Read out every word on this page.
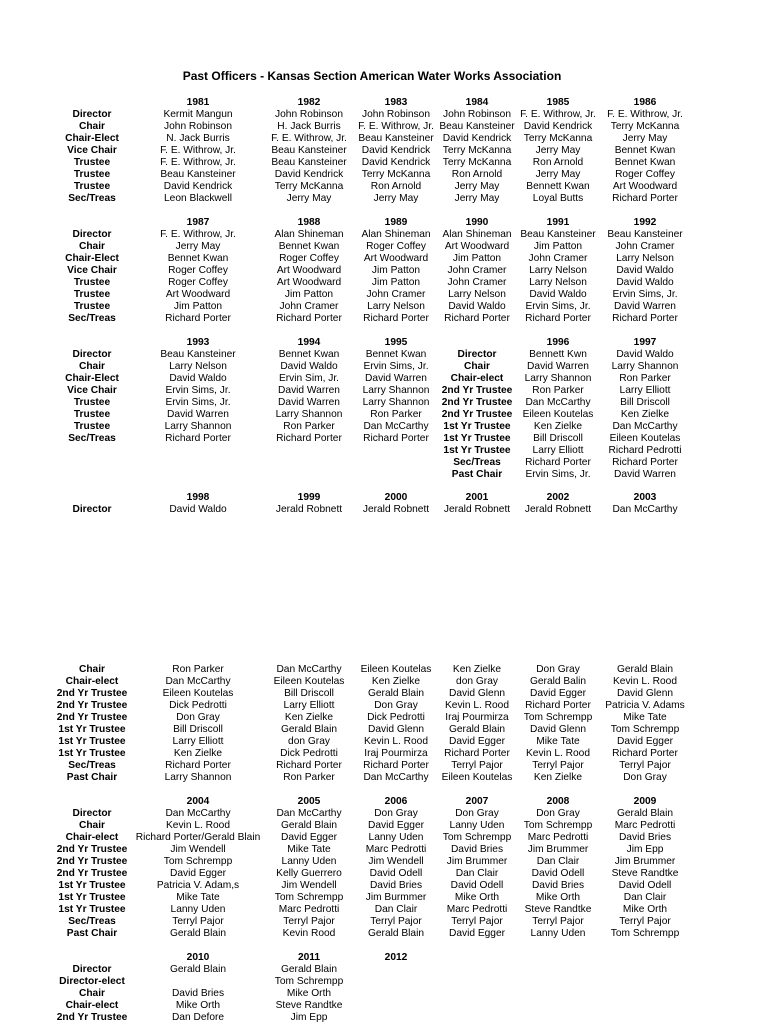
Past Officers - Kansas Section American Water Works Association
Director
Chair
Chair-Elect
Vice Chair
Trustee
Trustee
Trustee
Sec/Treas
1981
Kermit Mangun
John Robinson
N. Jack Burris
F. E. Withrow, Jr.
F. E. Withrow, Jr.
Beau Kansteiner
David Kendrick
Leon Blackwell
1982
John Robinson
H. Jack Burris
F. E. Withrow, Jr.
Beau Kansteiner
Beau Kansteiner
David Kendrick
Terry McKanna
Jerry May
1983
John Robinson
F. E. Withrow, Jr.
Beau Kansteiner
David Kendrick
David Kendrick
Terry McKanna
Ron Arnold
Jerry May
1984
John Robinson
Beau Kansteiner
David Kendrick
Terry McKanna
Terry McKanna
Ron Arnold
Jerry May
Jerry May
1985
F. E. Withrow, Jr.
David Kendrick
Terry McKanna
Jerry May
Ron Arnold
Jerry May
Bennett Kwan
Loyal Butts
1986
F. E. Withrow, Jr.
Terry McKanna
Jerry May
Bennet Kwan
Bennet Kwan
Roger Coffey
Art Woodward
Richard Porter
Director
Chair
Chair-Elect
Vice Chair
Trustee
Trustee
Trustee
Sec/Treas
1987
F. E. Withrow, Jr.
Jerry May
Bennet Kwan
Roger Coffey
Roger Coffey
Art Woodward
Jim Patton
Richard Porter
1988
Alan Shineman
Bennet Kwan
Roger Coffey
Art Woodward
Art Woodward
Jim Patton
John Cramer
Richard Porter
1989
Alan Shineman
Roger Coffey
Art Woodward
Jim Patton
Jim Patton
John Cramer
Larry Nelson
Richard Porter
1990
Alan Shineman
Art Woodward
Jim Patton
John Cramer
John Cramer
Larry Nelson
David Waldo
Richard Porter
1991
Beau Kansteiner
Jim Patton
John Cramer
Larry Nelson
Larry Nelson
David Waldo
Ervin Sims, Jr.
Richard Porter
1992
Beau Kansteiner
John Cramer
Larry Nelson
David Waldo
David Waldo
Ervin Sims, Jr.
David Warren
Richard Porter
Director
Chair
Chair-Elect
Vice Chair
Trustee
Trustee
Trustee
Sec/Treas
1993
Beau Kansteiner
Larry Nelson
David Waldo
Ervin Sims, Jr.
Ervin Sims, Jr.
David Warren
Larry Shannon
Richard Porter
1994
Bennet Kwan
David Waldo
Ervin Sim, Jr.
David Warren
David Warren
Larry Shannon
Ron Parker
Richard Porter
1995
Bennet Kwan
Ervin Sims, Jr.
David Warren
Larry Shannon
Larry Shannon
Ron Parker
Dan McCarthy
Richard Porter
Director
Chair
Chair-elect
2nd Yr Trustee
2nd Yr Trustee
2nd Yr Trustee
1st Yr Trustee
1st Yr Trustee
1st Yr Trustee
Sec/Treas
Past Chair
1996
Bennett Kwn
David Warren
Larry Shannon
Ron Parker
Dan McCarthy
Eileen Koutelas
Ken Zielke
Bill Driscoll
Larry Elliott
Richard Porter
Ervin Sims, Jr.
1997
David Waldo
Larry Shannon
Ron Parker
Larry Elliott
Bill Driscoll
Ken Zielke
Dan McCarthy
Eileen Koutelas
Richard Pedrotti
Richard Porter
David Warren
Director
1998
David Waldo
1999
Jerald Robnett
2000
Jerald Robnett
2001
Jerald Robnett
2002
Jerald Robnett
2003
Dan McCarthy
Chair
Chair-elect
2nd Yr Trustee
2nd Yr Trustee
2nd Yr Trustee
1st Yr Trustee
1st Yr Trustee
1st Yr Trustee
Sec/Treas
Past Chair
Ron Parker
Dan McCarthy
Eileen Koutelas
Dick Pedrotti
Don Gray
Bill Driscoll
Larry Elliott
Ken Zielke
Richard Porter
Larry Shannon
Dan McCarthy
Eileen Koutelas
Bill Driscoll
Larry Elliott
Ken Zielke
Gerald Blain
don Gray
Dick Pedrotti
Richard Porter
Ron Parker
Eileen Koutelas
Ken Zielke
Gerald Blain
Don Gray
Dick Pedrotti
David Glenn
Kevin L. Rood
Iraj Pourmirza
Richard Porter
Dan McCarthy
Ken Zielke
don Gray
David Glenn
Kevin L. Rood
Iraj Pourmirza
Gerald Blain
David Egger
Richard Porter
Terryl Pajor
Eileen Koutelas
Don Gray
Gerald Balin
David Egger
Richard Porter
Tom Schrempp
David Glenn
Mike Tate
Kevin L. Rood
Terryl Pajor
Ken Zielke
Gerald Blain
Kevin L. Rood
David Glenn
Patricia V. Adams
Mike Tate
Tom Schrempp
David Egger
Richard Porter
Terryl Pajor
Don Gray
Director
Chair
Chair-elect
2nd Yr Trustee
2nd Yr Trustee
2nd Yr Trustee
1st Yr Trustee
1st Yr Trustee
1st Yr Trustee
Sec/Treas
Past Chair
2004
Dan McCarthy
Kevin L. Rood
Richard Porter/Gerald Blain
Jim Wendell
Tom Schrempp
David Egger
Patricia V. Adam,s
Mike Tate
Lanny Uden
Terryl Pajor
Gerald Blain
2005
Dan McCarthy
Gerald Blain
David Egger
Mike Tate
Lanny Uden
Kelly Guerrero
Jim Wendell
Tom Schrempp
Marc Pedrotti
Terryl Pajor
Kevin Rood
2006
Don Gray
David Egger
Lanny Uden
Marc Pedrotti
Jim Wendell
David Odell
David Bries
Jim Burmmer
Dan Clair
Terryl Pajor
Gerald Blain
2007
Don Gray
Lanny Uden
Tom Schrempp
David Bries
Jim Brummer
Dan Clair
David Odell
Mike Orth
Marc Pedrotti
Terryl Pajor
David Egger
2008
Don Gray
Tom Schrempp
Marc Pedrotti
Jim Brummer
Dan Clair
David Odell
David Bries
Mike Orth
Steve Randtke
Terryl Pajor
Lanny Uden
2009
Gerald Blain
Marc Pedrotti
David Bries
Jim Epp
Jim Brummer
Steve Randtke
David Odell
Dan Clair
Mike Orth
Terryl Pajor
Tom Schrempp
Director
Director-elect
Chair
Chair-elect
2nd Yr Trustee
2010
Gerald Blain
David Bries
Mike Orth
Dan Defore
2011
Gerald Blain
Tom Schrempp
Mike Orth
Steve Randtke
Jim Epp
2012
